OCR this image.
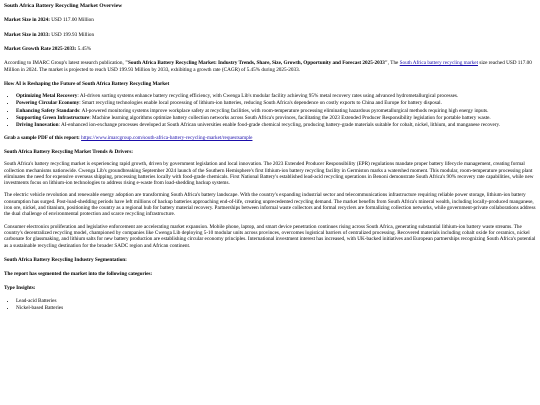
South Africa Battery Recycling Market Overview

Market Size in 2024: USD 117.00 Million

Market Size in 2033: USD 199.93 Million

Market Growth Rate 2025-2033: 5.45%

According to IMARC Group's latest research publication, "South Africa Battery Recycling Market: Industry Trends, Share, Size, Growth, Opportunity and Forecast 2025-2033", The South Africa battery recycling market size reached USD 117.00 Million in 2024. The market is projected to reach USD 199.93 Million by 2033, exhibiting a growth rate (CAGR) of 5.45% during 2025-2033.

How AI is Reshaping the Future of South Africa Battery Recycling Market

• Optimizing Metal Recovery: AI-driven sorting systems enhance battery recycling efficiency, with Cwenga Lib's modular facility achieving 95% metal recovery rates using advanced hydrometallurgical processes.
• Powering Circular Economy: Smart recycling technologies enable local processing of lithium-ion batteries, reducing South Africa's dependence on costly exports to China and Europe for battery disposal.
• Enhancing Safety Standards: AI-powered monitoring systems improve workplace safety at recycling facilities, with room-temperature processing eliminating hazardous pyrometallurgical methods requiring high energy inputs.
• Supporting Green Infrastructure: Machine learning algorithms optimize battery collection networks across South Africa's provinces, facilitating the 2023 Extended Producer Responsibility legislation for portable battery waste.
• Driving Innovation: AI-enhanced ion-exchange processes developed at South African universities enable food-grade chemical recycling, producing battery-grade materials suitable for cobalt, nickel, lithium, and manganese recovery.

Grab a sample PDF of this report: https://www.imarcgroup.com/south-africa-battery-recycling-market/requestsample

South Africa Battery Recycling Market Trends & Drivers:

South Africa's battery recycling market is experiencing rapid growth, driven by government legislation and local innovation. The 2023 Extended Producer Responsibility (EPR) regulations mandate proper battery lifecycle management, creating formal collection mechanisms nationwide. Cwenga Lib's groundbreaking September 2024 launch of the Southern Hemisphere's first lithium-ion battery recycling facility in Germiston marks a watershed moment. This modular, room-temperature processing plant eliminates the need for expensive overseas shipping, processing batteries locally with food-grade chemicals. First National Battery's established lead-acid recycling operations in Benoni demonstrate South Africa's 90% recovery rate capabilities, while new investments focus on lithium-ion technologies to address rising e-waste from load-shedding backup systems.

The electric vehicle revolution and renewable energy adoption are transforming South Africa's battery landscape. With the country's expanding industrial sector and telecommunications infrastructure requiring reliable power storage, lithium-ion battery consumption has surged. Post-load-shedding periods have left millions of backup batteries approaching end-of-life, creating unprecedented recycling demand. The market benefits from South Africa's mineral wealth, including locally-produced manganese, iron ore, nickel, and titanium, positioning the country as a regional hub for battery material recovery. Partnerships between informal waste collectors and formal recyclers are formalizing collection networks, while government-private collaborations address the dual challenge of environmental protection and scarce recycling infrastructure.

Consumer electronics proliferation and legislative enforcement are accelerating market expansion. Mobile phone, laptop, and smart device penetration continues rising across South Africa, generating substantial lithium-ion battery waste streams. The country's decentralized recycling model, championed by companies like Cwenga Lib deploying 5-10 modular units across provinces, overcomes logistical barriers of centralized processing. Recovered materials including cobalt oxide for ceramics, nickel carbonate for glassmaking, and lithium salts for new battery production are establishing circular economy principles. International investment interest has increased, with UK-backed initiatives and European partnerships recognizing South Africa's potential as a sustainable recycling destination for the broader SADC region and African continent.

South Africa Battery Recycling Industry Segmentation:

The report has segmented the market into the following categories:

Type Insights:

• Lead-acid Batteries
• Nickel-based Batteries
